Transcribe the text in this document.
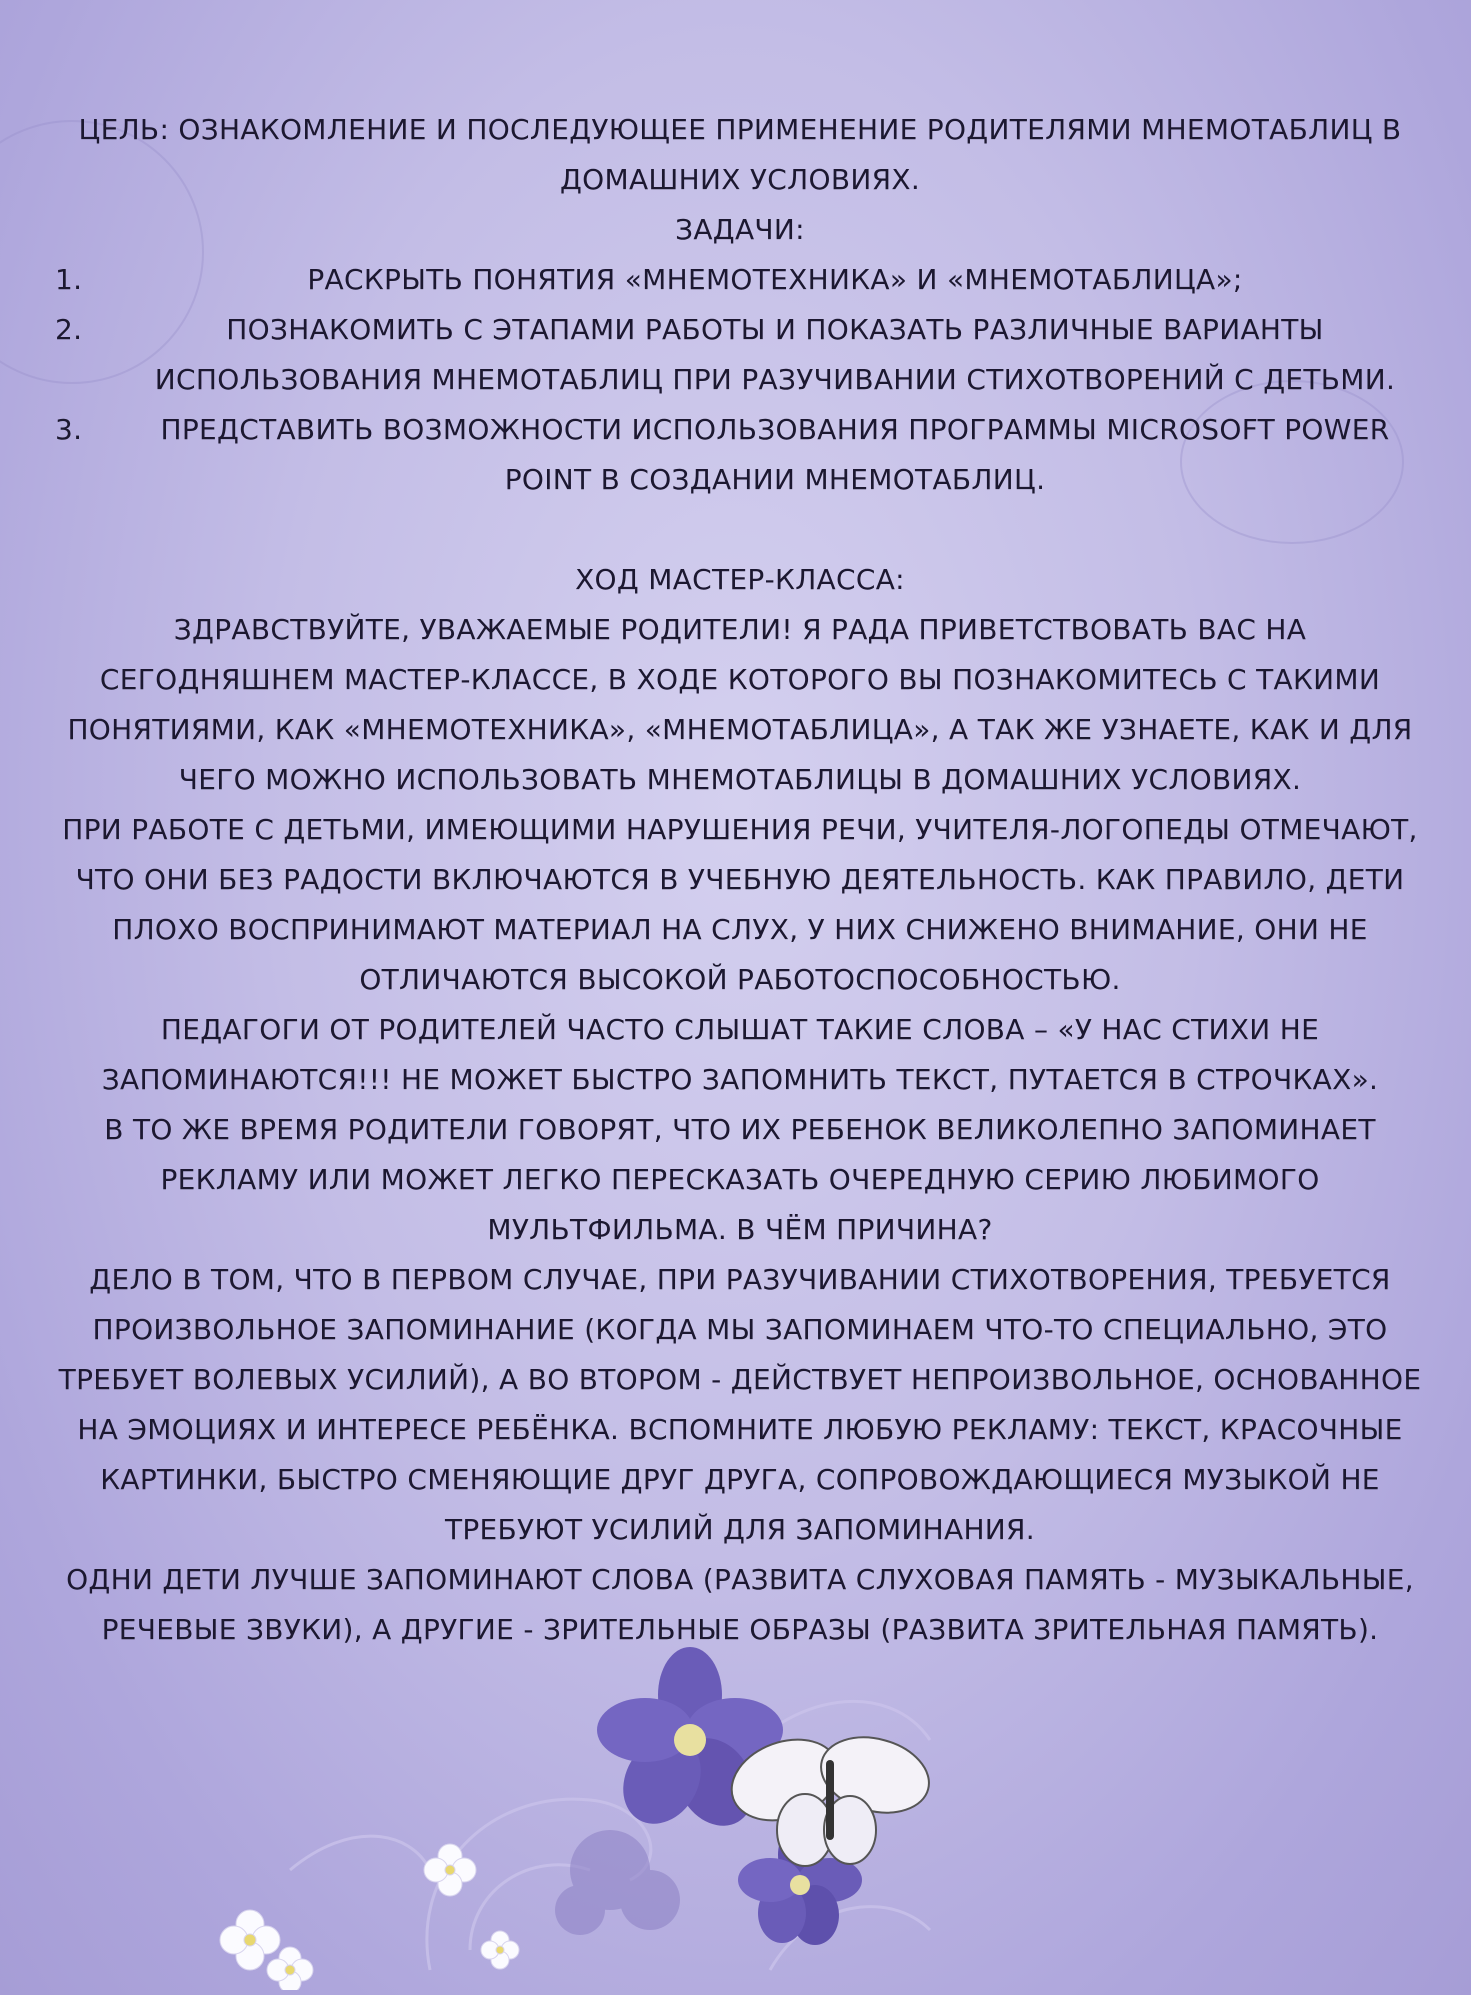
ЦЕЛЬ: ОЗНАКОМЛЕНИЕ И ПОСЛЕДУЮЩЕЕ ПРИМЕНЕНИЕ РОДИТЕЛЯМИ МНЕМОТАБЛИЦ В ДОМАШНИХ УСЛОВИЯХ.
ЗАДАЧИ:
1.	РАСКРЫТЬ ПОНЯТИЯ «МНЕМОТЕХНИКА» И «МНЕМОТАБЛИЦА»;
2.	ПОЗНАКОМИТЬ С ЭТАПАМИ РАБОТЫ И ПОКАЗАТЬ РАЗЛИЧНЫЕ ВАРИАНТЫ ИСПОЛЬЗОВАНИЯ МНЕМОТАБЛИЦ ПРИ РАЗУЧИВАНИИ СТИХОТВОРЕНИЙ С ДЕТЬМИ.
3.	ПРЕДСТАВИТЬ ВОЗМОЖНОСТИ ИСПОЛЬЗОВАНИЯ ПРОГРАММЫ MICROSOFT POWER POINT В СОЗДАНИИ МНЕМОТАБЛИЦ.
ХОД МАСТЕР-КЛАССА:
ЗДРАВСТВУЙТЕ, УВАЖАЕМЫЕ РОДИТЕЛИ! Я РАДА ПРИВЕТСТВОВАТЬ ВАС НА СЕГОДНЯШНЕМ МАСТЕР-КЛАССЕ, В ХОДЕ КОТОРОГО ВЫ ПОЗНАКОМИТЕСЬ С ТАКИМИ ПОНЯТИЯМИ, КАК «МНЕМОТЕХНИКА», «МНЕМОТАБЛИЦА», А ТАК ЖЕ УЗНАЕТЕ, КАК И ДЛЯ ЧЕГО МОЖНО ИСПОЛЬЗОВАТЬ МНЕМОТАБЛИЦЫ В ДОМАШНИХ УСЛОВИЯХ.
ПРИ РАБОТЕ С ДЕТЬМИ, ИМЕЮЩИМИ НАРУШЕНИЯ РЕЧИ, УЧИТЕЛЯ-ЛОГОПЕДЫ ОТМЕЧАЮТ, ЧТО ОНИ БЕЗ РАДОСТИ ВКЛЮЧАЮТСЯ В УЧЕБНУЮ ДЕЯТЕЛЬНОСТЬ. КАК ПРАВИЛО, ДЕТИ ПЛОХО ВОСПРИНИМАЮТ МАТЕРИАЛ НА СЛУХ, У НИХ СНИЖЕНО ВНИМАНИЕ, ОНИ НЕ ОТЛИЧАЮТСЯ ВЫСОКОЙ РАБОТОСПОСОБНОСТЬЮ.
ПЕДАГОГИ ОТ РОДИТЕЛЕЙ ЧАСТО СЛЫШАТ ТАКИЕ СЛОВА – «У НАС СТИХИ НЕ ЗАПОМИНАЮТСЯ!!! НЕ МОЖЕТ БЫСТРО ЗАПОМНИТЬ ТЕКСТ, ПУТАЕТСЯ В СТРОЧКАХ».
В ТО ЖЕ ВРЕМЯ РОДИТЕЛИ ГОВОРЯТ, ЧТО ИХ РЕБЕНОК ВЕЛИКОЛЕПНО ЗАПОМИНАЕТ РЕКЛАМУ ИЛИ МОЖЕТ ЛЕГКО ПЕРЕСКАЗАТЬ ОЧЕРЕДНУЮ СЕРИЮ ЛЮБИМОГО МУЛЬТФИЛЬМА. В ЧЁМ ПРИЧИНА?
ДЕЛО В ТОМ, ЧТО В ПЕРВОМ СЛУЧАЕ, ПРИ РАЗУЧИВАНИИ СТИХОТВОРЕНИЯ, ТРЕБУЕТСЯ ПРОИЗВОЛЬНОЕ ЗАПОМИНАНИЕ (КОГДА МЫ ЗАПОМИНАЕМ ЧТО-ТО СПЕЦИАЛЬНО, ЭТО ТРЕБУЕТ ВОЛЕВЫХ УСИЛИЙ), А ВО ВТОРОМ - ДЕЙСТВУЕТ НЕПРОИЗВОЛЬНОЕ, ОСНОВАННОЕ НА ЭМОЦИЯХ И ИНТЕРЕСЕ РЕБЁНКА. ВСПОМНИТЕ ЛЮБУЮ РЕКЛАМУ: ТЕКСТ, КРАСОЧНЫЕ КАРТИНКИ, БЫСТРО СМЕНЯЮЩИЕ ДРУГ ДРУГА, СОПРОВОЖДАЮЩИЕСЯ МУЗЫКОЙ НЕ ТРЕБУЮТ УСИЛИЙ ДЛЯ ЗАПОМИНАНИЯ.
ОДНИ ДЕТИ ЛУЧШЕ ЗАПОМИНАЮТ СЛОВА (РАЗВИТА СЛУХОВАЯ ПАМЯТЬ - МУЗЫКАЛЬНЫЕ, РЕЧЕВЫЕ ЗВУКИ), А ДРУГИЕ - ЗРИТЕЛЬНЫЕ ОБРАЗЫ (РАЗВИТА ЗРИТЕЛЬНАЯ ПАМЯТЬ).
